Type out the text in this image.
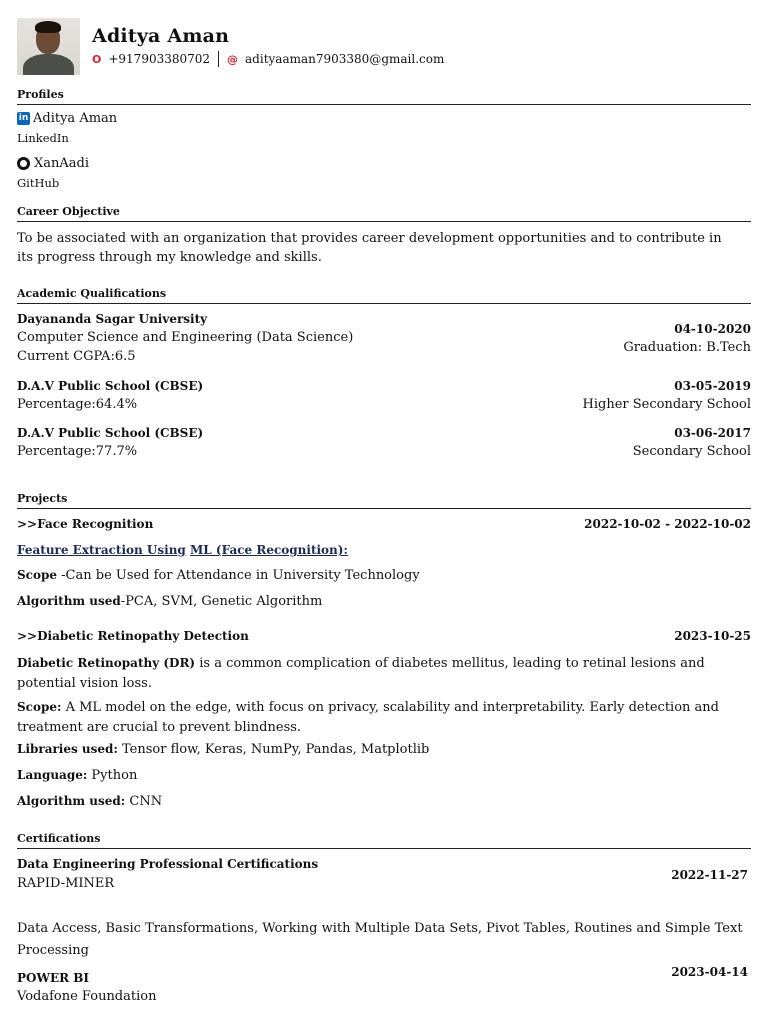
Aditya Aman
O +917903380702 @ adityaaman7903380@gmail.com
Profiles
in Aditya Aman
LinkedIn
XanAadi
GitHub
Career Objective
To be associated with an organization that provides career development opportunities and to contribute in its progress through my knowledge and skills.
Academic Qualifications
Dayananda Sagar University
Computer Science and Engineering (Data Science)
Current CGPA:6.5
04-10-2020
Graduation: B.Tech
D.A.V Public School (CBSE)
Percentage:64.4%
03-05-2019
Higher Secondary School
D.A.V Public School (CBSE)
Percentage:77.7%
03-06-2017
Secondary School
Projects
>>Face Recognition	2022-10-02 - 2022-10-02
Feature Extraction Using ML (Face Recognition):
Scope -Can be Used for Attendance in University Technology
Algorithm used-PCA, SVM, Genetic Algorithm
>>Diabetic Retinopathy Detection	2023-10-25
Diabetic Retinopathy (DR) is a common complication of diabetes mellitus, leading to retinal lesions and potential vision loss.
Scope: A ML model on the edge, with focus on privacy, scalability and interpretability. Early detection and treatment are crucial to prevent blindness.
Libraries used: Tensor flow, Keras, NumPy, Pandas, Matplotlib
Language: Python
Algorithm used: CNN
Certifications
Data Engineering Professional Certifications
RAPID-MINER
2022-11-27
Data Access, Basic Transformations, Working with Multiple Data Sets, Pivot Tables, Routines and Simple Text Processing
POWER BI
Vodafone Foundation
2023-04-14
